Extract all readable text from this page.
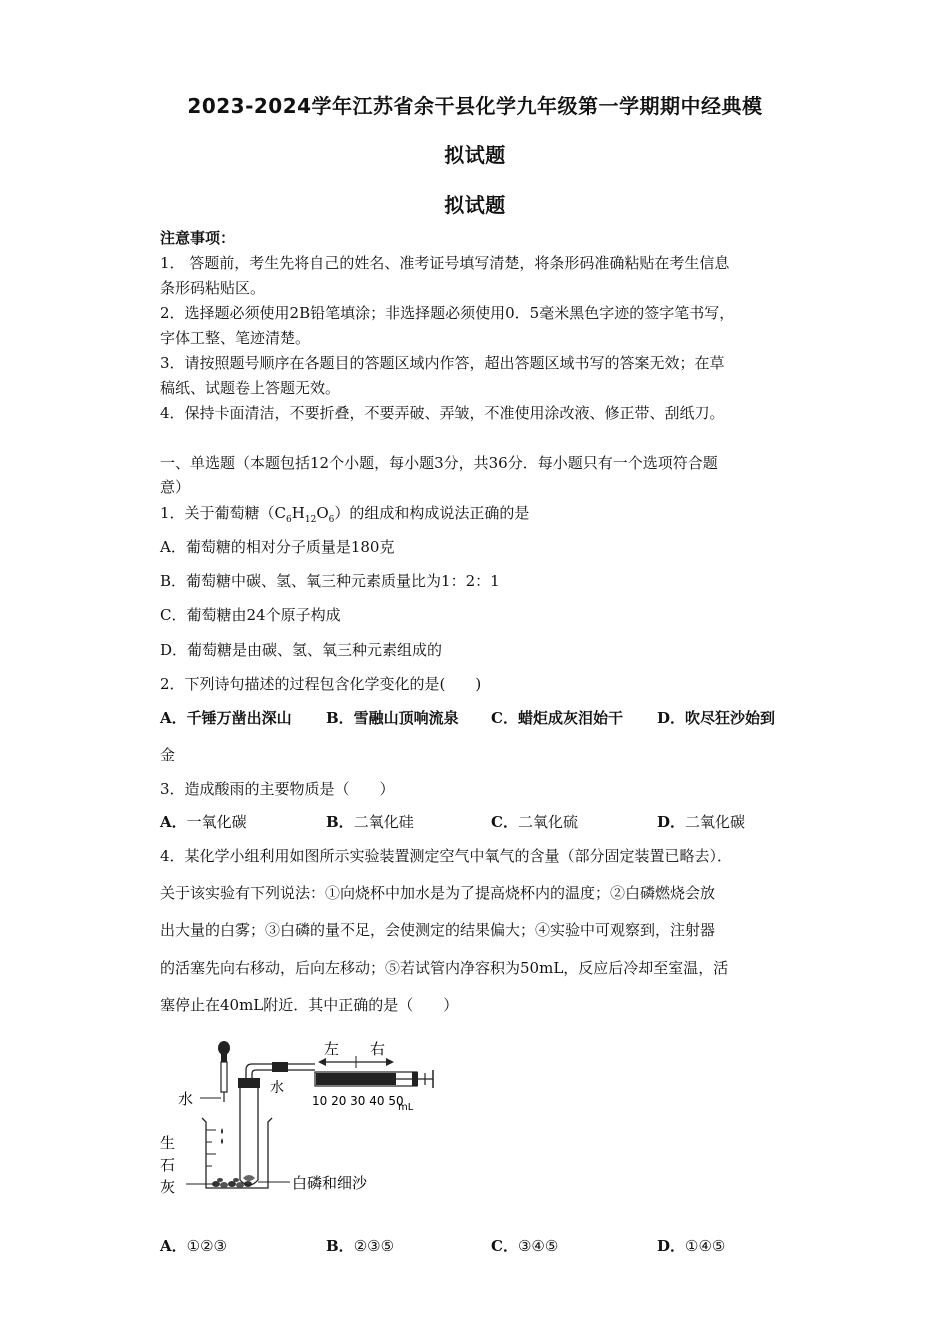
2023-2024学年江苏省余干县化学九年级第一学期期中经典模
拟试题
拟试题
注意事项：
1． 答题前，考生先将自己的姓名、准考证号填写清楚，将条形码准确粘贴在考生信息
条形码粘贴区。
2．选择题必须使用2B铅笔填涂；非选择题必须使用0．5毫米黑色字迹的签字笔书写，
字体工整、笔迹清楚。
3．请按照题号顺序在各题目的答题区域内作答，超出答题区域书写的答案无效；在草
稿纸、试题卷上答题无效。
4．保持卡面清洁，不要折叠，不要弄破、弄皱，不准使用涂改液、修正带、刮纸刀。
一、单选题（本题包括12个小题，每小题3分，共36分．每小题只有一个选项符合题
意）
1．关于葡萄糖$(C_6H_{12}O_6)$的组成和构成说法正确的是
A．葡萄糖的相对分子质量是180克
B．葡萄糖中碳、氢、氧三种元素质量比为1：2：1
C．葡萄糖由24个原子构成
D．葡萄糖是由碳、氢、氧三种元素组成的
2．下列诗句描述的过程包含化学变化的是(　　)
A．千锤万凿出深山 B．雪融山顶响流泉 C．蜡炬成灰泪始干 D．吹尽狂沙始到
金
3．造成酸雨的主要物质是（　　）
A．一氧化碳	B．二氧化硅	C．二氧化硫	D．二氧化碳
4．某化学小组利用如图所示实验装置测定空气中氧气的含量（部分固定装置已略去）．
关于该实验有下列说法：①向烧杯中加水是为了提高烧杯内的温度；②白磷燃烧会放
出大量的白雾；③白磷的量不足，会使测定的结果偏大；④实验中可观察到，注射器
的活塞先向右移动，后向左移动；⑤若试管内净容积为50mL，反应后冷却至室温，活
塞停止在40mL附近．其中正确的是（　　）
水
生
石
灰	白磷和细沙
水
10 20 30 40 50
mL
左 右
A．①②③	B．②③⑤	C．③④⑤	D．①④⑤
